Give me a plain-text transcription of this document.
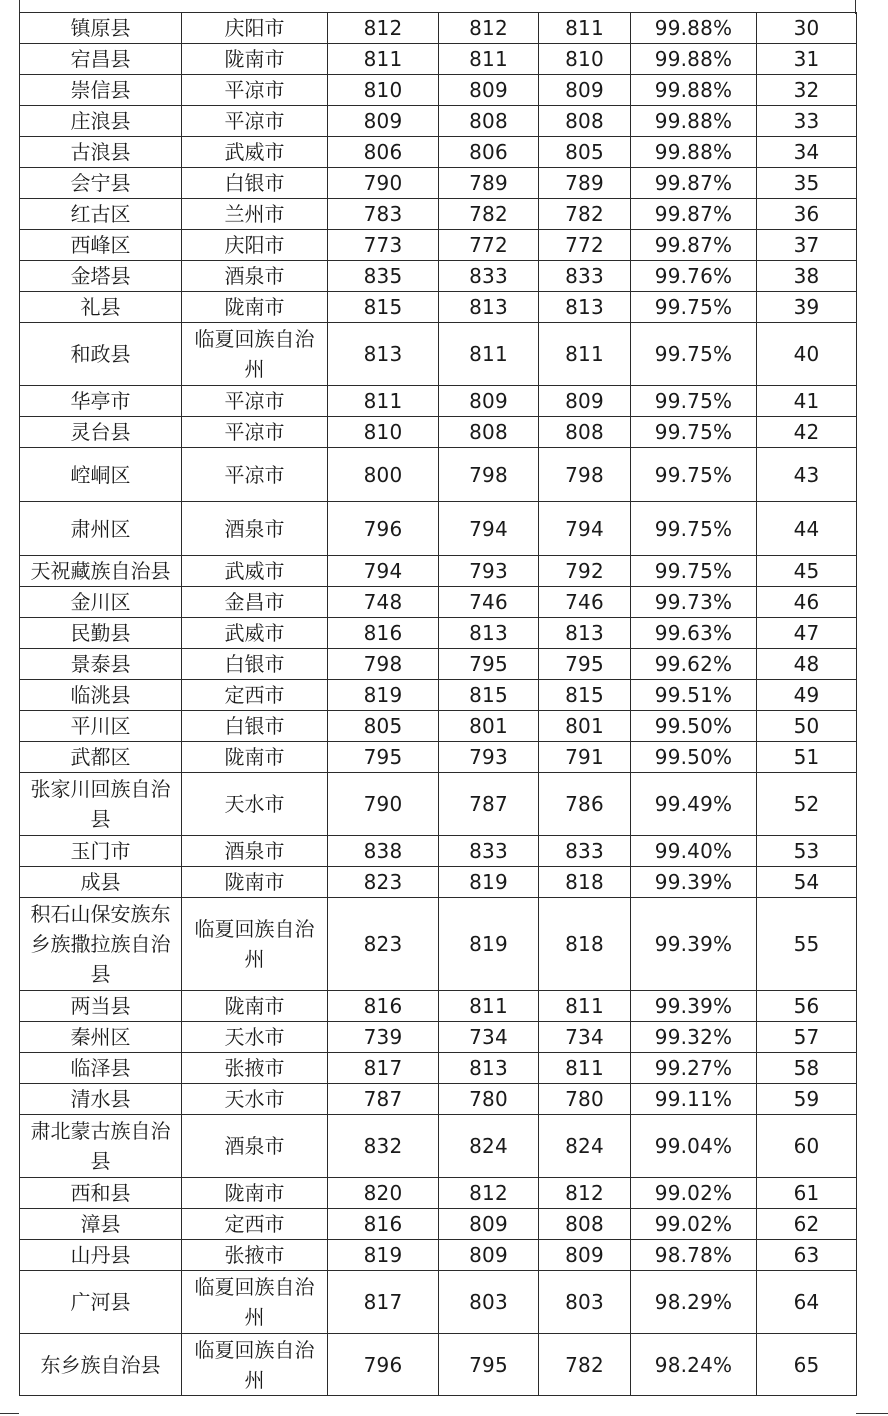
镇原县	庆阳市	812	812	811	99.88%	30
宕昌县	陇南市	811	811	810	99.88%	31
崇信县	平凉市	810	809	809	99.88%	32
庄浪县	平凉市	809	808	808	99.88%	33
古浪县	武威市	806	806	805	99.88%	34
会宁县	白银市	790	789	789	99.87%	35
红古区	兰州市	783	782	782	99.87%	36
西峰区	庆阳市	773	772	772	99.87%	37
金塔县	酒泉市	835	833	833	99.76%	38
礼县	陇南市	815	813	813	99.75%	39
和政县	临夏回族自治州	813	811	811	99.75%	40
华亭市	平凉市	811	809	809	99.75%	41
灵台县	平凉市	810	808	808	99.75%	42
崆峒区	平凉市	800	798	798	99.75%	43
肃州区	酒泉市	796	794	794	99.75%	44
天祝藏族自治县	武威市	794	793	792	99.75%	45
金川区	金昌市	748	746	746	99.73%	46
民勤县	武威市	816	813	813	99.63%	47
景泰县	白银市	798	795	795	99.62%	48
临洮县	定西市	819	815	815	99.51%	49
平川区	白银市	805	801	801	99.50%	50
武都区	陇南市	795	793	791	99.50%	51
张家川回族自治县	天水市	790	787	786	99.49%	52
玉门市	酒泉市	838	833	833	99.40%	53
成县	陇南市	823	819	818	99.39%	54
积石山保安族东乡族撒拉族自治县	临夏回族自治州	823	819	818	99.39%	55
两当县	陇南市	816	811	811	99.39%	56
秦州区	天水市	739	734	734	99.32%	57
临泽县	张掖市	817	813	811	99.27%	58
清水县	天水市	787	780	780	99.11%	59
肃北蒙古族自治县	酒泉市	832	824	824	99.04%	60
西和县	陇南市	820	812	812	99.02%	61
漳县	定西市	816	809	808	99.02%	62
山丹县	张掖市	819	809	809	98.78%	63
广河县	临夏回族自治州	817	803	803	98.29%	64
东乡族自治县	临夏回族自治州	796	795	782	98.24%	65
